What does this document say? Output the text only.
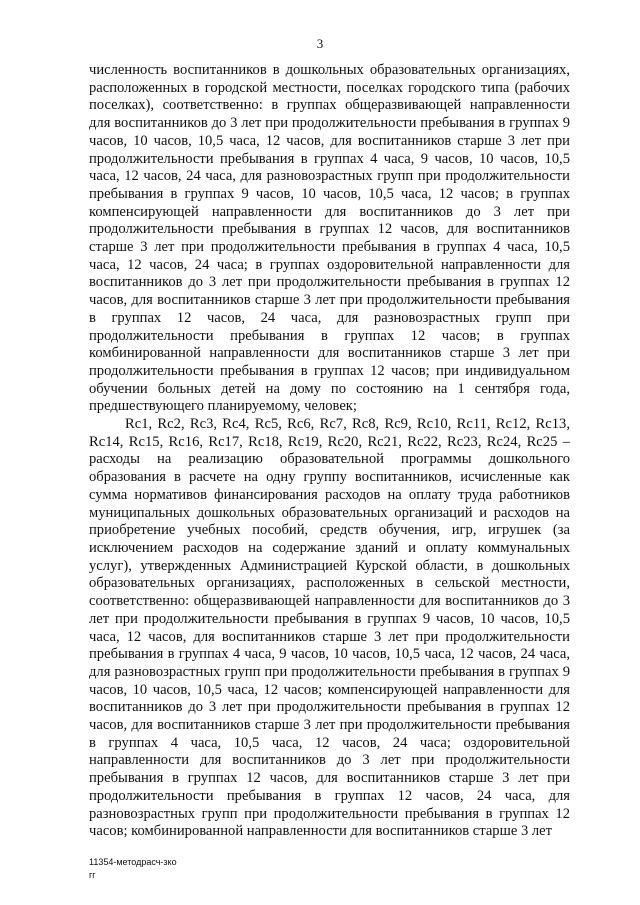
3

численность воспитанников в дошкольных образовательных организациях, расположенных в городской местности, поселках городского типа (рабочих поселках), соответственно: в группах общеразвивающей направленности для воспитанников до 3 лет при продолжительности пребывания в группах 9 часов, 10 часов, 10,5 часа, 12 часов, для воспитанников старше 3 лет при продолжительности пребывания в группах 4 часа, 9 часов, 10 часов, 10,5 часа, 12 часов, 24 часа, для разновозрастных групп при продолжительности пребывания в группах 9 часов, 10 часов, 10,5 часа, 12 часов; в группах компенсирующей направленности для воспитанников до 3 лет при продолжительности пребывания в группах 12 часов, для воспитанников старше 3 лет при продолжительности пребывания в группах 4 часа, 10,5 часа, 12 часов, 24 часа; в группах оздоровительной направленности для воспитанников до 3 лет при продолжительности пребывания в группах 12 часов, для воспитанников старше 3 лет при продолжительности пребывания в группах 12 часов, 24 часа, для разновозрастных групп при продолжительности пребывания в группах 12 часов; в группах комбинированной направленности для воспитанников старше 3 лет при продолжительности пребывания в группах 12 часов; при индивидуальном обучении больных детей на дому по состоянию на 1 сентября года, предшествующего планируемому, человек;

Rc1, Rc2, Rc3, Rc4, Rc5, Rc6, Rc7, Rc8, Rc9, Rc10, Rc11, Rc12, Rc13, Rc14, Rc15, Rc16, Rc17, Rc18, Rc19, Rc20, Rc21, Rc22, Rc23, Rc24, Rc25 – расходы на реализацию образовательной программы дошкольного образования в расчете на одну группу воспитанников, исчисленные как сумма нормативов финансирования расходов на оплату труда работников муниципальных дошкольных образовательных организаций и расходов на приобретение учебных пособий, средств обучения, игр, игрушек (за исключением расходов на содержание зданий и оплату коммунальных услуг), утвержденных Администрацией Курской области, в дошкольных образовательных организациях, расположенных в сельской местности, соответственно: общеразвивающей направленности для воспитанников до 3 лет при продолжительности пребывания в группах 9 часов, 10 часов, 10,5 часа, 12 часов, для воспитанников старше 3 лет при продолжительности пребывания в группах 4 часа, 9 часов, 10 часов, 10,5 часа, 12 часов, 24 часа, для разновозрастных групп при продолжительности пребывания в группах 9 часов, 10 часов, 10,5 часа, 12 часов; компенсирующей направленности для воспитанников до 3 лет при продолжительности пребывания в группах 12 часов, для воспитанников старше 3 лет при продолжительности пребывания в группах 4 часа, 10,5 часа, 12 часов, 24 часа; оздоровительной направленности для воспитанников до 3 лет при продолжительности пребывания в группах 12 часов, для воспитанников старше 3 лет при продолжительности пребывания в группах 12 часов, 24 часа, для разновозрастных групп при продолжительности пребывания в группах 12 часов; комбинированной направленности для воспитанников старше 3 лет

11354-методрасч-зко
гг
